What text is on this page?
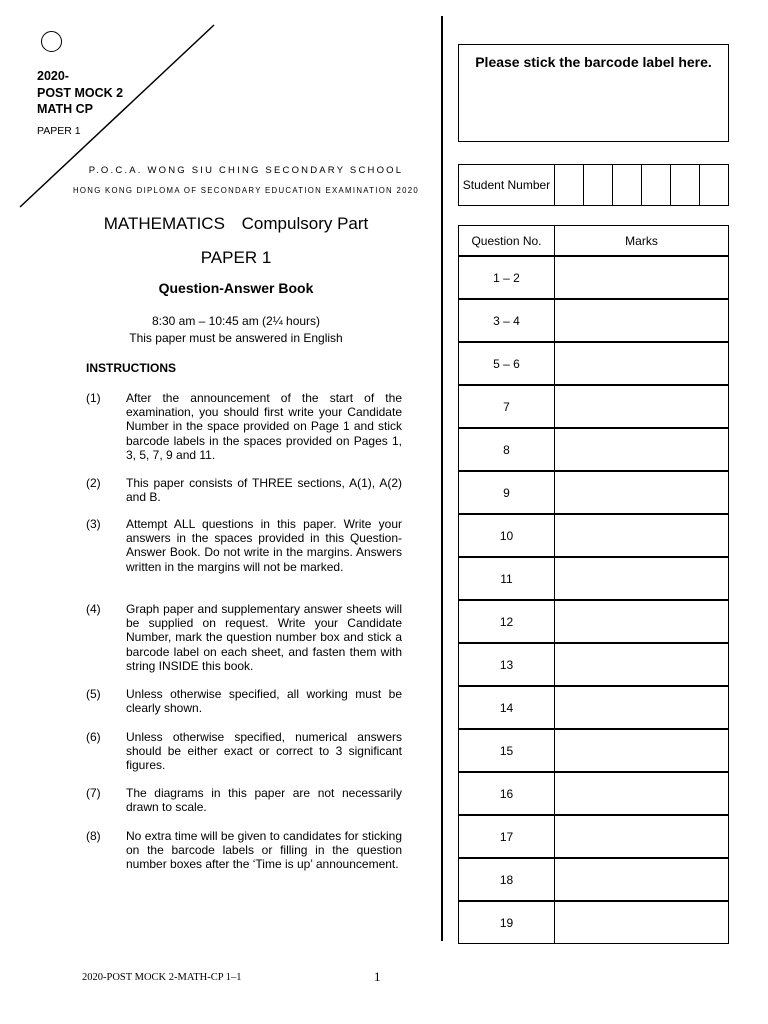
2020-
POST MOCK 2
MATH CP
PAPER 1
P.O.C.A. WONG SIU CHING SECONDARY SCHOOL
HONG KONG DIPLOMA OF SECONDARY EDUCATION EXAMINATION 2020
MATHEMATICS Compulsory Part
PAPER 1
Question-Answer Book
8:30 am – 10:45 am (2¼ hours)
This paper must be answered in English
INSTRUCTIONS
(1) After the announcement of the start of the examination, you should first write your Candidate Number in the space provided on Page 1 and stick barcode labels in the spaces provided on Pages 1, 3, 5, 7, 9 and 11.
(2) This paper consists of THREE sections, A(1), A(2) and B.
(3) Attempt ALL questions in this paper. Write your answers in the spaces provided in this Question-Answer Book. Do not write in the margins. Answers written in the margins will not be marked.
(4) Graph paper and supplementary answer sheets will be supplied on request. Write your Candidate Number, mark the question number box and stick a barcode label on each sheet, and fasten them with string INSIDE this book.
(5) Unless otherwise specified, all working must be clearly shown.
(6) Unless otherwise specified, numerical answers should be either exact or correct to 3 significant figures.
(7) The diagrams in this paper are not necessarily drawn to scale.
(8) No extra time will be given to candidates for sticking on the barcode labels or filling in the question number boxes after the ‘Time is up’ announcement.
Please stick the barcode label here.
Student Number
Question No.	Marks
1 – 2	
3 – 4	
5 – 6	
7	
8	
9	
10	
11	
12	
13	
14	
15	
16	
17	
18	
19	
2020-POST MOCK 2-MATH-CP 1–1	1
